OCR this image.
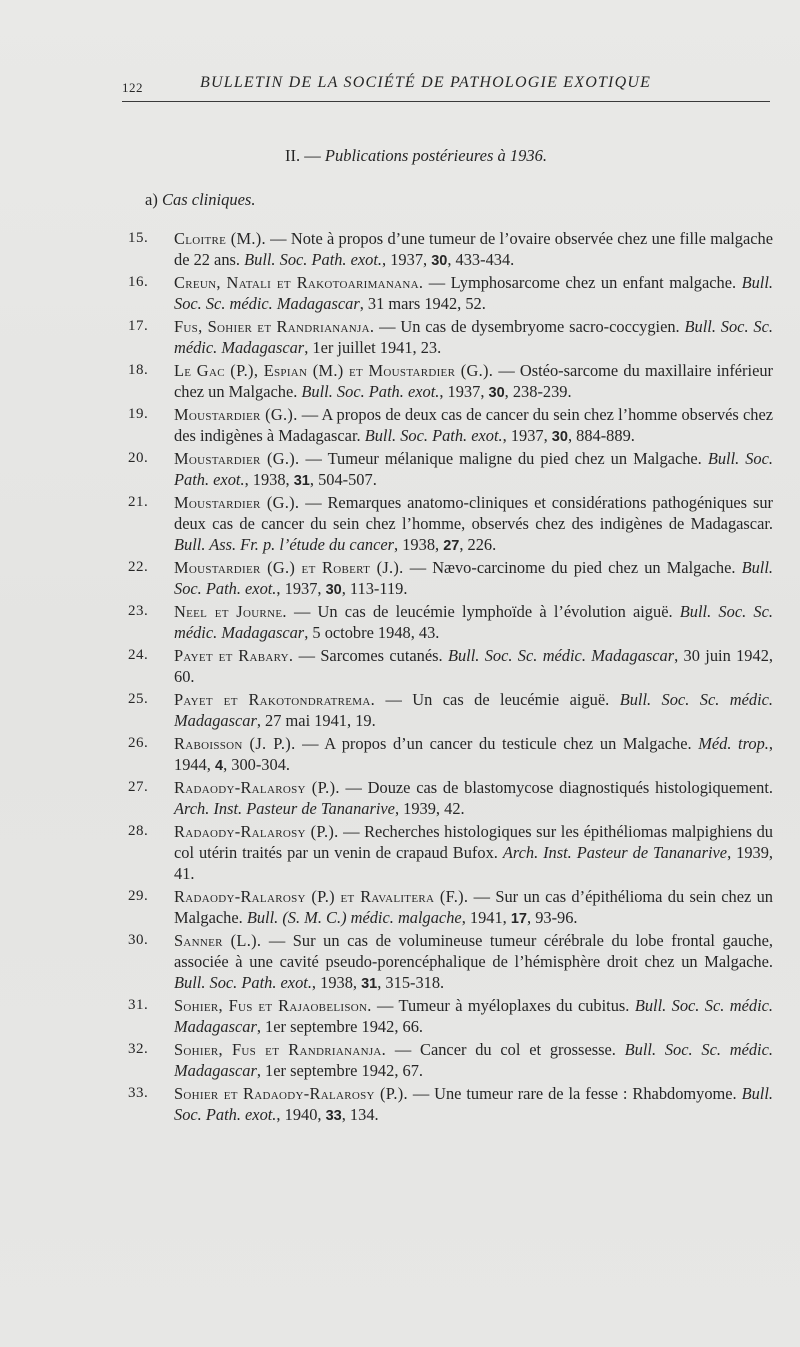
122	BULLETIN DE LA SOCIÉTÉ DE PATHOLOGIE EXOTIQUE
II. — Publications postérieures à 1936.
a) Cas cliniques.
15. Cloitre (M.). — Note à propos d’une tumeur de l’ovaire observée chez une fille malgache de 22 ans. Bull. Soc. Path. exot., 1937, 30, 433-434.
16. Creun, Natali et Rakotoarimanana. — Lymphosarcome chez un enfant malgache. Bull. Soc. Sc. médic. Madagascar, 31 mars 1942, 52.
17. Fus, Sohier et Randriananja. — Un cas de dysembryome sacro-coccygien. Bull. Soc. Sc. médic. Madagascar, 1er juillet 1941, 23.
18. Le Gac (P.), Espian (M.) et Moustardier (G.). — Ostéo-sarcome du maxillaire inférieur chez un Malgache. Bull. Soc. Path. exot., 1937, 30, 238-239.
19. Moustardier (G.). — A propos de deux cas de cancer du sein chez l’homme observés chez des indigènes à Madagascar. Bull. Soc. Path. exot., 1937, 30, 884-889.
20. Moustardier (G.). — Tumeur mélanique maligne du pied chez un Malgache. Bull. Soc. Path. exot., 1938, 31, 504-507.
21. Moustardier (G.). — Remarques anatomo-cliniques et considérations pathogéniques sur deux cas de cancer du sein chez l’homme, observés chez des indigènes de Madagascar. Bull. Ass. Fr. p. l’étude du cancer, 1938, 27, 226.
22. Moustardier (G.) et Robert (J.). — Nævo-carcinome du pied chez un Malgache. Bull. Soc. Path. exot., 1937, 30, 113-119.
23. Neel et Journe. — Un cas de leucémie lymphoïde à l’évolution aiguë. Bull. Soc. Sc. médic. Madagascar, 5 octobre 1948, 43.
24. Payet et Rabary. — Sarcomes cutanés. Bull. Soc. Sc. médic. Madagascar, 30 juin 1942, 60.
25. Payet et Rakotondratrema. — Un cas de leucémie aiguë. Bull. Soc. Sc. médic. Madagascar, 27 mai 1941, 19.
26. Raboisson (J. P.). — A propos d’un cancer du testicule chez un Malgache. Méd. trop., 1944, 4, 300-304.
27. Radaody-Ralarosy (P.). — Douze cas de blastomycose diagnostiqués histologiquement. Arch. Inst. Pasteur de Tananarive, 1939, 42.
28. Radaody-Ralarosy (P.). — Recherches histologiques sur les épithéliomas malpighiens du col utérin traités par un venin de crapaud Bufox. Arch. Inst. Pasteur de Tananarive, 1939, 41.
29. Radaody-Ralarosy (P.) et Ravalitera (F.). — Sur un cas d’épithélioma du sein chez un Malgache. Bull. (S. M. C.) médic. malgache, 1941, 17, 93-96.
30. Sanner (L.). — Sur un cas de volumineuse tumeur cérébrale du lobe frontal gauche, associée à une cavité pseudo-porencéphalique de l’hémisphère droit chez un Malgache. Bull. Soc. Path. exot., 1938, 31, 315-318.
31. Sohier, Fus et Rajaobelison. — Tumeur à myéloplaxes du cubitus. Bull. Soc. Sc. médic. Madagascar, 1er septembre 1942, 66.
32. Sohier, Fus et Randriananja. — Cancer du col et grossesse. Bull. Soc. Sc. médic. Madagascar, 1er septembre 1942, 67.
33. Sohier et Radaody-Ralarosy (P.). — Une tumeur rare de la fesse : Rhabdomyome. Bull. Soc. Path. exot., 1940, 33, 134.
